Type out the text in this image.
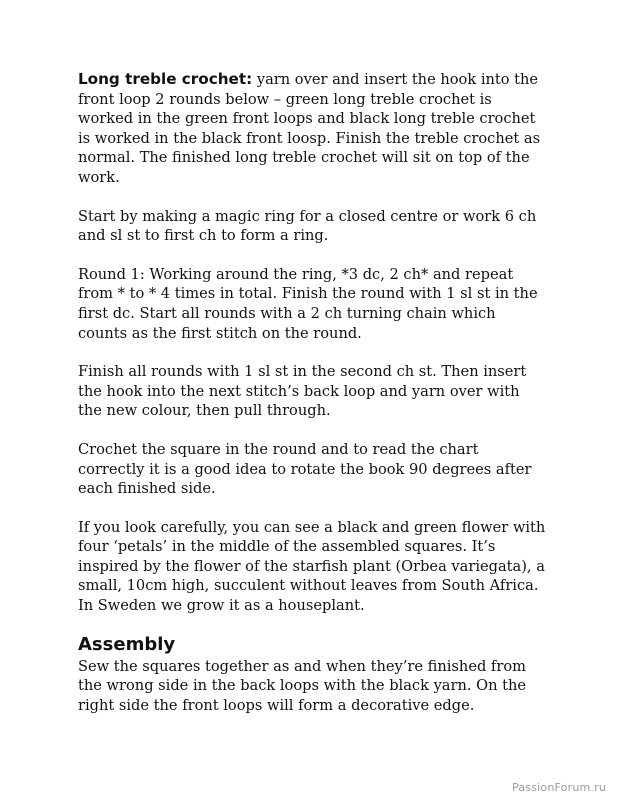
Long treble crochet: yarn over and insert the hook into the front loop 2 rounds below – green long treble crochet is worked in the green front loops and black long treble crochet is worked in the black front loosp. Finish the treble crochet as normal. The finished long treble crochet will sit on top of the work.

Start by making a magic ring for a closed centre or work 6 ch and sl st to first ch to form a ring.

Round 1: Working around the ring, *3 dc, 2 ch* and repeat from * to * 4 times in total. Finish the round with 1 sl st in the first dc. Start all rounds with a 2 ch turning chain which counts as the first stitch on the round.

Finish all rounds with 1 sl st in the second ch st. Then insert the hook into the next stitch’s back loop and yarn over with the new colour, then pull through.

Crochet the square in the round and to read the chart correctly it is a good idea to rotate the book 90 degrees after each finished side.

If you look carefully, you can see a black and green flower with four ‘petals’ in the middle of the assembled squares. It’s inspired by the flower of the starfish plant (Orbea variegata), a small, 10cm high, succulent without leaves from South Africa. In Sweden we grow it as a houseplant.

Assembly

Sew the squares together as and when they’re finished from the wrong side in the back loops with the black yarn. On the right side the front loops will form a decorative edge.

PassionForum.ru
